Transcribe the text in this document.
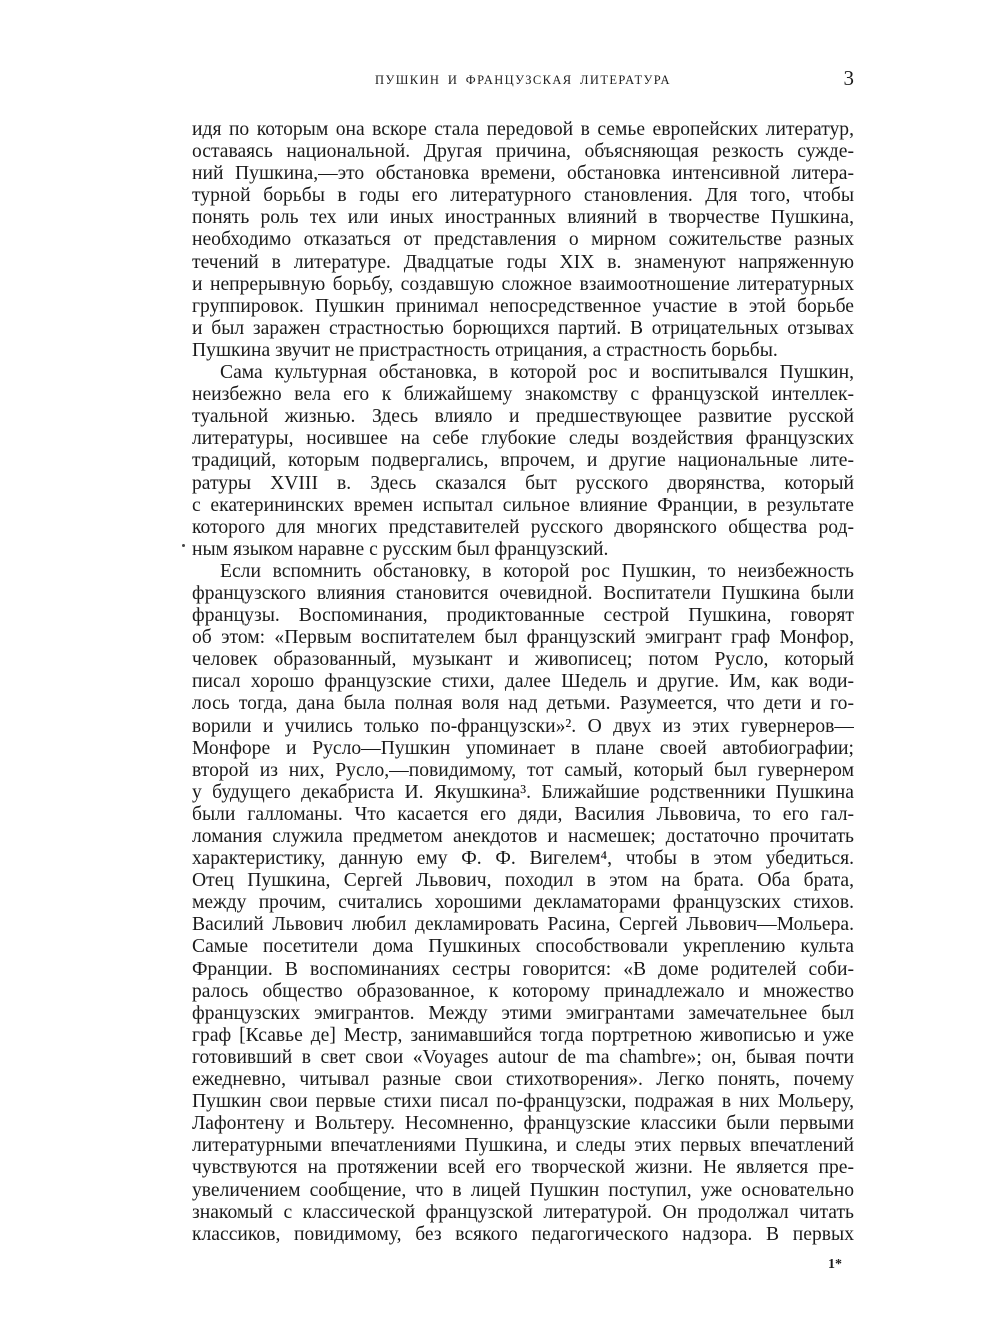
ПУШКИН И ФРАНЦУЗСКАЯ ЛИТЕРАТУРА	3
идя по которым она вскоре стала передовой в семье европейских литератур,
оставаясь национальной. Другая причина, объясняющая резкость сужде-
ний Пушкина,—это обстановка времени, обстановка интенсивной литера-
турной борьбы в годы его литературного становления. Для того, чтобы
понять роль тех или иных иностранных влияний в творчестве Пушкина,
необходимо отказаться от представления о мирном сожительстве разных
течений в литературе. Двадцатые годы XIX в. знаменуют напряженную
и непрерывную борьбу, создавшую сложное взаимоотношение литературных
группировок. Пушкин принимал непосредственное участие в этой борьбе
и был заражен страстностью борющихся партий. В отрицательных отзывах
Пушкина звучит не пристрастность отрицания, а страстность борьбы.
Сама культурная обстановка, в которой рос и воспитывался Пушкин,
неизбежно вела его к ближайшему знакомству с французской интеллек-
туальной жизнью. Здесь влияло и предшествующее развитие русской
литературы, носившее на себе глубокие следы воздействия французских
традиций, которым подвергались, впрочем, и другие национальные лите-
ратуры XVIII в. Здесь сказался быт русского дворянства, который
с екатерининских времен испытал сильное влияние Франции, в результате
которого для многих представителей русского дворянского общества род-
ным языком наравне с русским был французский.
Если вспомнить обстановку, в которой рос Пушкин, то неизбежность
французского влияния становится очевидной. Воспитатели Пушкина были
французы. Воспоминания, продиктованные сестрой Пушкина, говорят
об этом: «Первым воспитателем был французский эмигрант граф Монфор,
человек образованный, музыкант и живописец; потом Русло, который
писал хорошо французские стихи, далее Шедель и другие. Им, как води-
лось тогда, дана была полная воля над детьми. Разумеется, что дети и го-
ворили и учились только по-французски»². О двух из этих гувернеров—
Монфоре и Русло—Пушкин упоминает в плане своей автобиографии;
второй из них, Русло,—повидимому, тот самый, который был гувернером
у будущего декабриста И. Якушкина³. Ближайшие родственники Пушкина
были галломаны. Что касается его дяди, Василия Львовича, то его гал-
ломания служила предметом анекдотов и насмешек; достаточно прочитать
характеристику, данную ему Ф. Ф. Вигелем⁴, чтобы в этом убедиться.
Отец Пушкина, Сергей Львович, походил в этом на брата. Оба брата,
между прочим, считались хорошими декламаторами французских стихов.
Василий Львович любил декламировать Расина, Сергей Львович—Мольера.
Самые посетители дома Пушкиных способствовали укреплению культа
Франции. В воспоминаниях сестры говорится: «В доме родителей соби-
ралось общество образованное, к которому принадлежало и множество
французских эмигрантов. Между этими эмигрантами замечательнее был
граф [Ксавье де] Местр, занимавшийся тогда портретною живописью и уже
готовивший в свет свои «Voyages autour de ma chambre»; он, бывая почти
ежедневно, читывал разные свои стихотворения». Легко понять, почему
Пушкин свои первые стихи писал по-французски, подражая в них Мольеру,
Лафонтену и Вольтеру. Несомненно, французские классики были первыми
литературными впечатлениями Пушкина, и следы этих первых впечатлений
чувствуются на протяжении всей его творческой жизни. Не является пре-
увеличением сообщение, что в лицей Пушкин поступил, уже основательно
знакомый с классической французской литературой. Он продолжал читать
классиков, повидимому, без всякого педагогического надзора. В первых
1*
